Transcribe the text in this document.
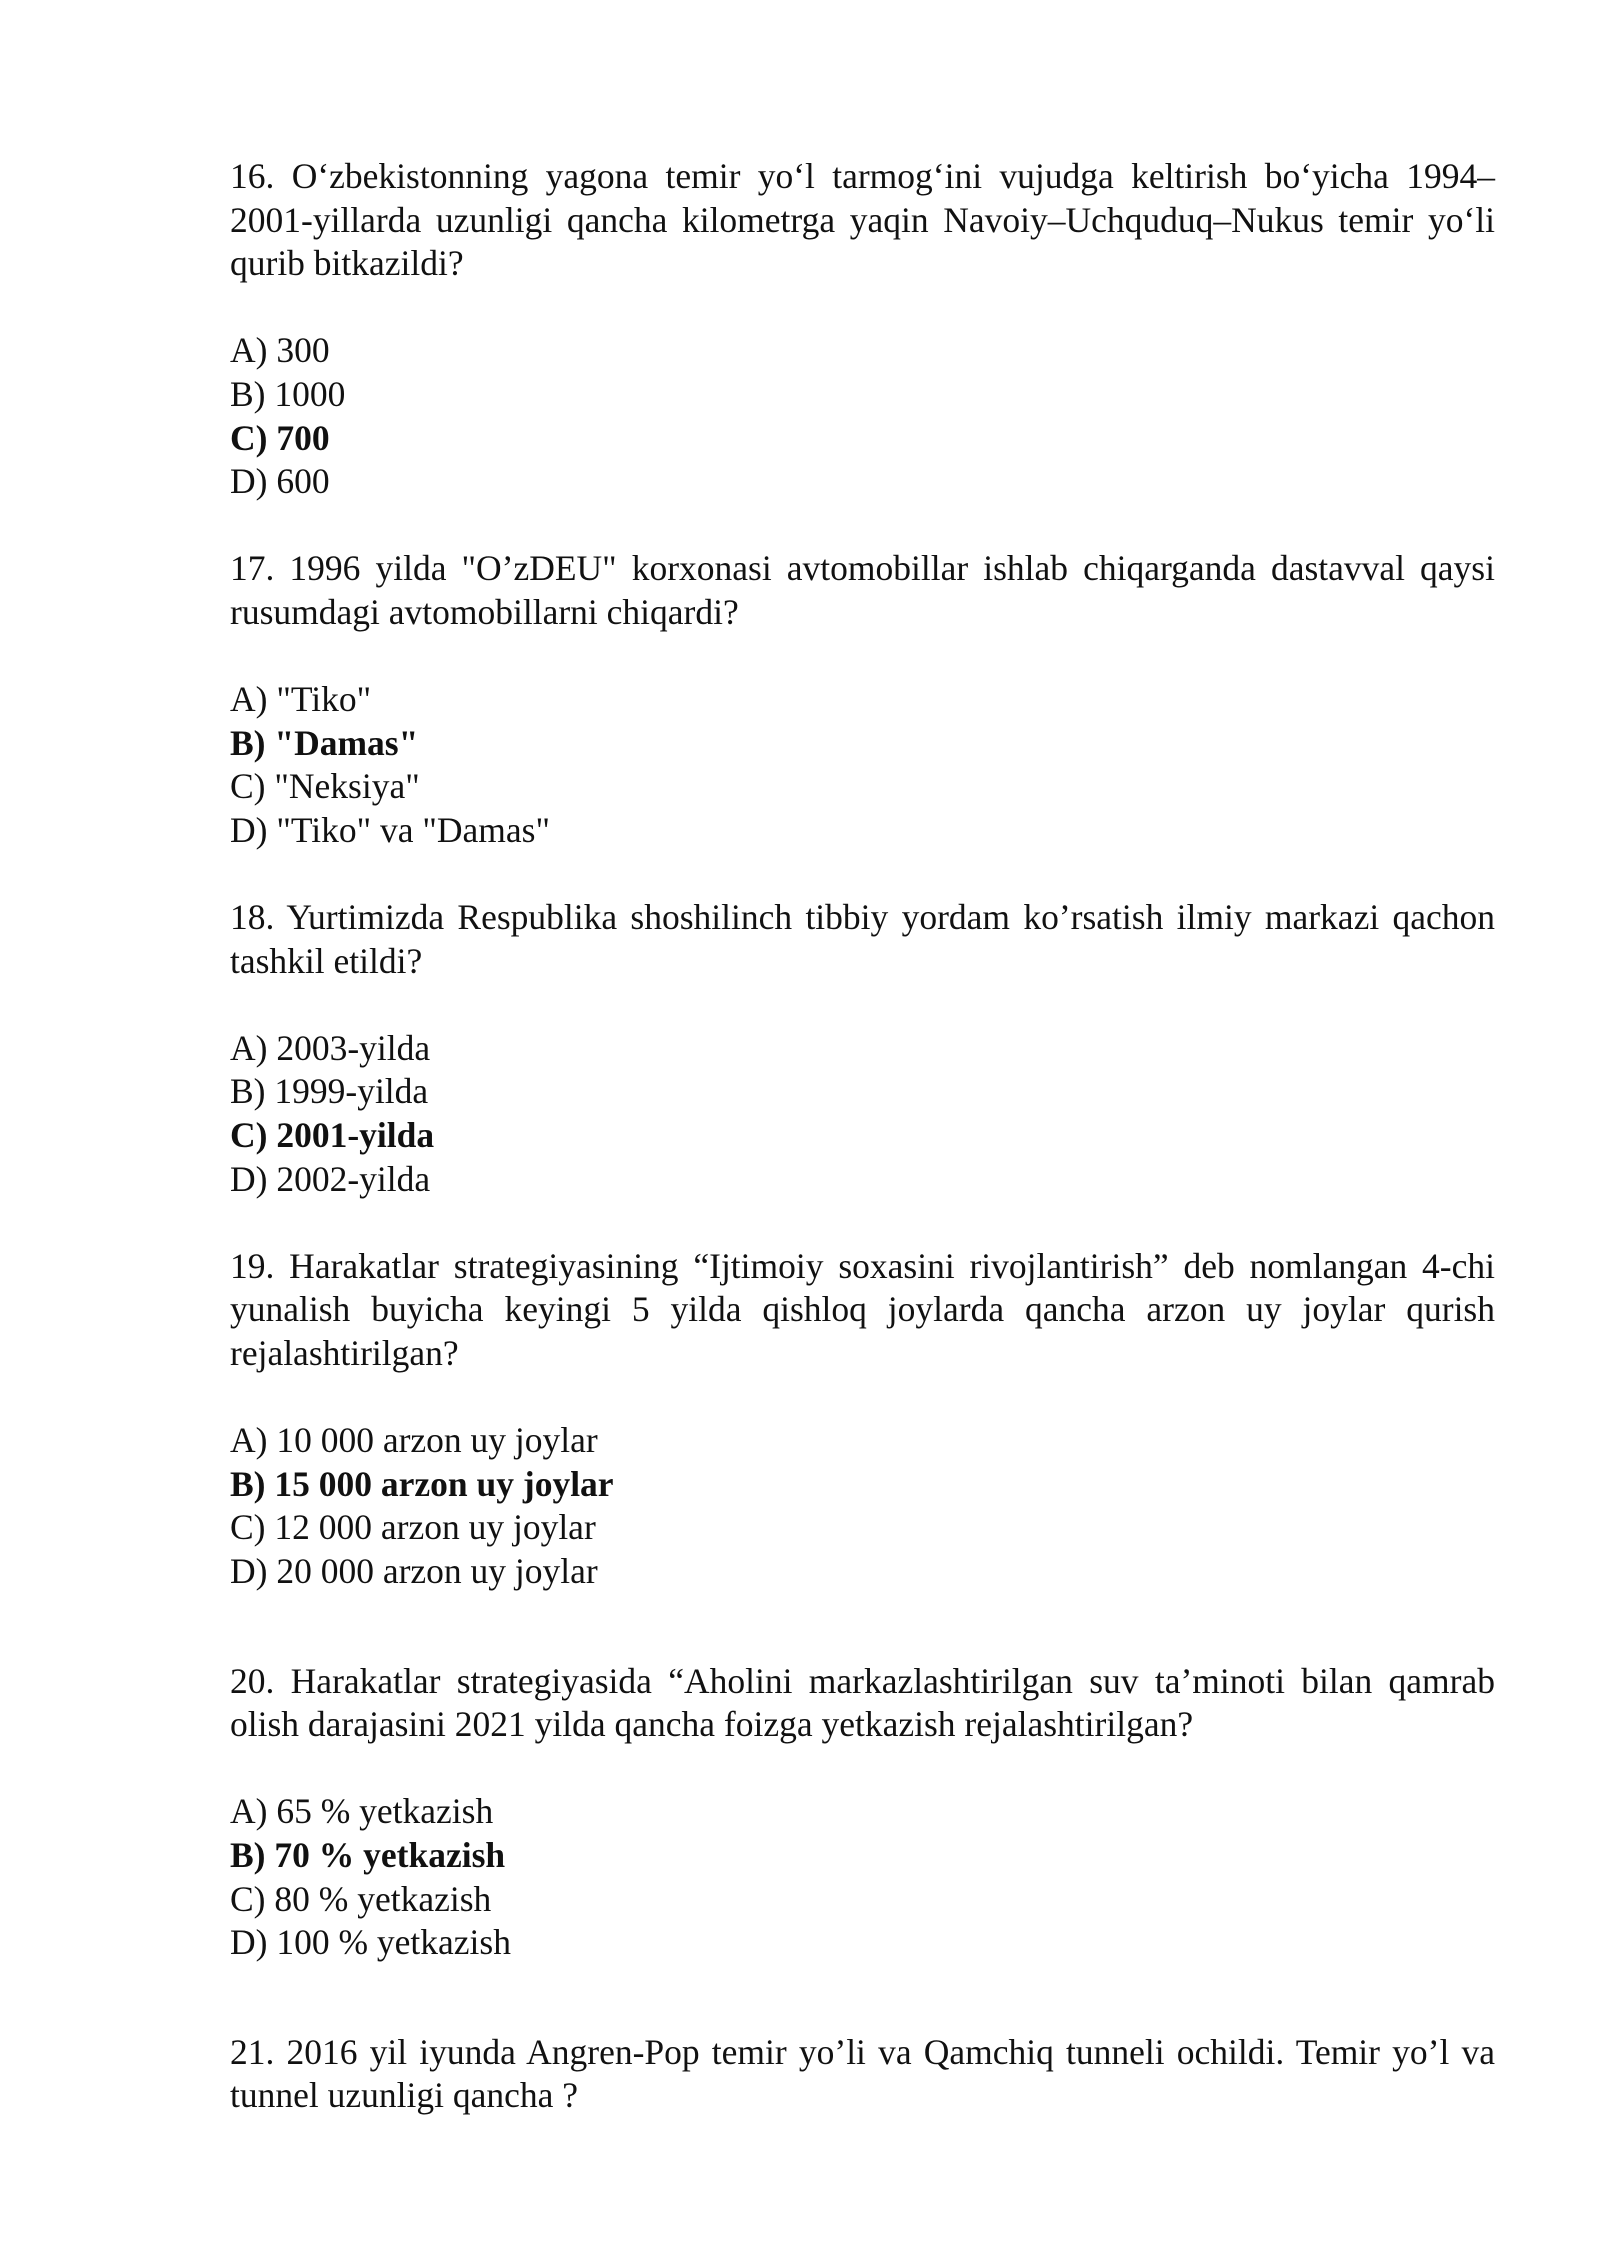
16. O‘zbekistonning yagona temir yo‘l tarmog‘ini vujudga keltirish bo‘yicha 1994–2001-yillarda uzunligi qancha kilometrga yaqin Navoiy–Uchquduq–Nukus temir yo‘li qurib bitkazildi?

A) 300
B) 1000
C) 700
D) 600

17. 1996 yilda "O’zDEU" korxonasi avtomobillar ishlab chiqarganda dastavval qaysi rusumdagi avtomobillarni chiqardi?

A) "Tiko"
B) "Damas"
C) "Neksiya"
D) "Tiko" va "Damas"

18. Yurtimizda Respublika shoshilinch tibbiy yordam ko’rsatish ilmiy markazi qachon tashkil etildi?

A) 2003-yilda
B) 1999-yilda
C) 2001-yilda
D) 2002-yilda

19. Harakatlar strategiyasining “Ijtimoiy soxasini rivojlantirish” deb nomlangan 4-chi yunalish buyicha keyingi 5 yilda qishloq joylarda qancha arzon uy joylar qurish rejalashtirilgan?

A) 10 000 arzon uy joylar
B) 15 000 arzon uy joylar
C) 12 000 arzon uy joylar
D) 20 000 arzon uy joylar

20. Harakatlar strategiyasida “Aholini markazlashtirilgan suv ta’minoti bilan qamrab olish darajasini 2021 yilda qancha foizga yetkazish rejalashtirilgan?

A) 65 % yetkazish
B) 70 % yetkazish
C) 80 % yetkazish
D) 100 % yetkazish

21. 2016 yil iyunda Angren-Pop temir yo’li va Qamchiq tunneli ochildi. Temir yo’l va tunnel uzunligi qancha ?
